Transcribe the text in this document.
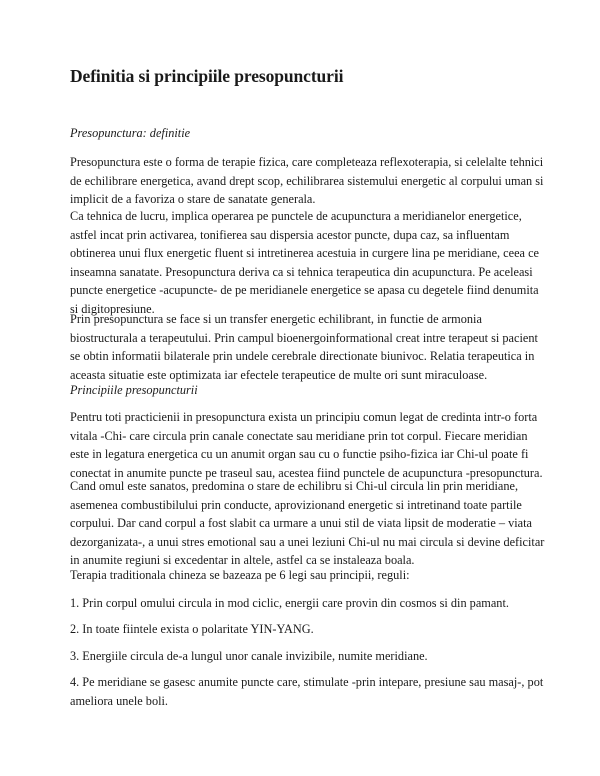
Definitia si principiile presopuncturii

Presopunctura: definitie

Presopunctura este o forma de terapie fizica, care completeaza reflexoterapia, si celelalte tehnici
de echilibrare energetica, avand drept scop, echilibrarea sistemului energetic al corpului uman si
implicit de a favoriza o stare de sanatate generala.

Ca tehnica de lucru, implica operarea pe punctele de acupunctura a meridianelor energetice,
astfel incat prin activarea, tonifierea sau dispersia acestor puncte, dupa caz, sa influentam
obtinerea unui flux energetic fluent si intretinerea acestuia in curgere lina pe meridiane, ceea ce
inseamna sanatate. Presopunctura deriva ca si tehnica terapeutica din acupunctura. Pe aceleasi
puncte energetice -acupuncte- de pe meridianele energetice se apasa cu degetele fiind denumita
si digitopresiune.

Prin presopunctura se face si un transfer energetic echilibrant, in functie de armonia
biostructurala a terapeutului. Prin campul bioenergoinformational creat intre terapeut si pacient
se obtin informatii bilaterale prin undele cerebrale directionate biunivoc. Relatia terapeutica in
aceasta situatie este optimizata iar efectele terapeutice de multe ori sunt miraculoase.

Principiile presopuncturii

Pentru toti practicienii in presopunctura exista un principiu comun legat de credinta intr-o forta
vitala -Chi- care circula prin canale conectate sau meridiane prin tot corpul. Fiecare meridian
este in legatura energetica cu un anumit organ sau cu o functie psiho-fizica iar Chi-ul poate fi
conectat in anumite puncte pe traseul sau, acestea fiind punctele de acupunctura -presopunctura.

Cand omul este sanatos, predomina o stare de echilibru si Chi-ul circula lin prin meridiane,
asemenea combustibilului prin conducte, aprovizionand energetic si intretinand toate partile
corpului. Dar cand corpul a fost slabit ca urmare a unui stil de viata lipsit de moderatie – viata
dezorganizata-, a unui stres emotional sau a unei leziuni Chi-ul nu mai circula si devine deficitar
in anumite regiuni si excedentar in altele, astfel ca se instaleaza boala.

Terapia traditionala chineza se bazeaza pe 6 legi sau principii, reguli:

1. Prin corpul omului circula in mod ciclic, energii care provin din cosmos si din pamant.

2. In toate fiintele exista o polaritate YIN-YANG.

3. Energiile circula de-a lungul unor canale invizibile, numite meridiane.

4. Pe meridiane se gasesc anumite puncte care, stimulate -prin intepare, presiune sau masaj-, pot
ameliora unele boli.
